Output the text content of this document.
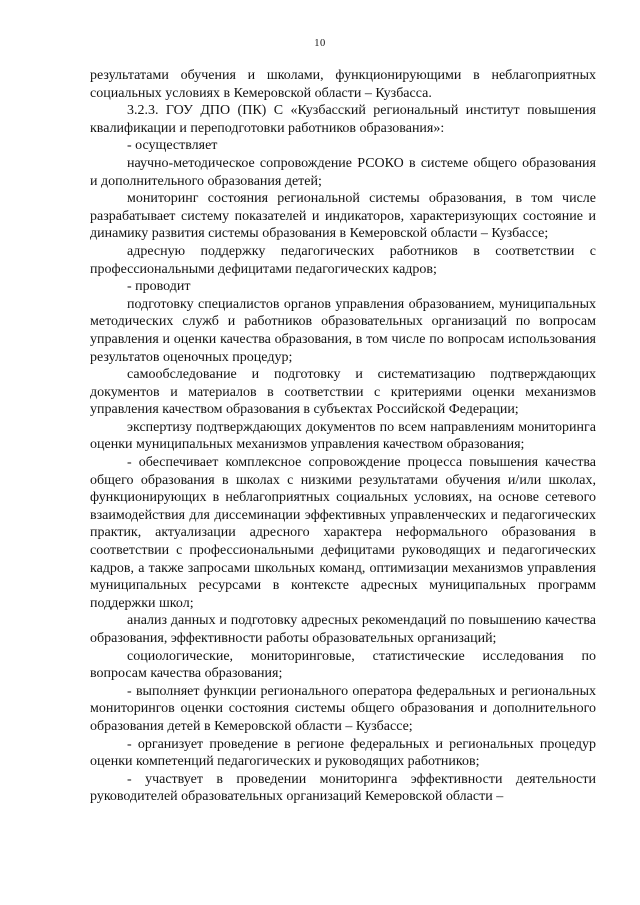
10

результатами обучения и школами, функционирующими в неблагоприятных социальных условиях в Кемеровской области – Кузбасса.

3.2.3. ГОУ ДПО (ПК) С «Кузбасский региональный институт повышения квалификации и переподготовки работников образования»:

- осуществляет

научно-методическое сопровождение РСОКО в системе общего образования и дополнительного образования детей;

мониторинг состояния региональной системы образования, в том числе разрабатывает систему показателей и индикаторов, характеризующих состояние и динамику развития системы образования в Кемеровской области – Кузбассе;

адресную поддержку педагогических работников в соответствии с профессиональными дефицитами педагогических кадров;

- проводит

подготовку специалистов органов управления образованием, муниципальных методических служб и работников образовательных организаций по вопросам управления и оценки качества образования, в том числе по вопросам использования результатов оценочных процедур;

самообследование и подготовку и систематизацию подтверждающих документов и материалов в соответствии с критериями оценки механизмов управления качеством образования в субъектах Российской Федерации;

экспертизу подтверждающих документов по всем направлениям мониторинга оценки муниципальных механизмов управления качеством образования;

- обеспечивает комплексное сопровождение процесса повышения качества общего образования в школах с низкими результатами обучения и/или школах, функционирующих в неблагоприятных социальных условиях, на основе сетевого взаимодействия для диссеминации эффективных управленческих и педагогических практик, актуализации адресного характера неформального образования в соответствии с профессиональными дефицитами руководящих и педагогических кадров, а также запросами школьных команд, оптимизации механизмов управления муниципальных ресурсами в контексте адресных муниципальных программ поддержки школ;

анализ данных и подготовку адресных рекомендаций по повышению качества образования, эффективности работы образовательных организаций;

социологические, мониторинговые, статистические исследования по вопросам качества образования;

- выполняет функции регионального оператора федеральных и региональных мониторингов оценки состояния системы общего образования и дополнительного образования детей в Кемеровской области – Кузбассе;

- организует проведение в регионе федеральных и региональных процедур оценки компетенций педагогических и руководящих работников;

- участвует в проведении мониторинга эффективности деятельности руководителей образовательных организаций Кемеровской области –
